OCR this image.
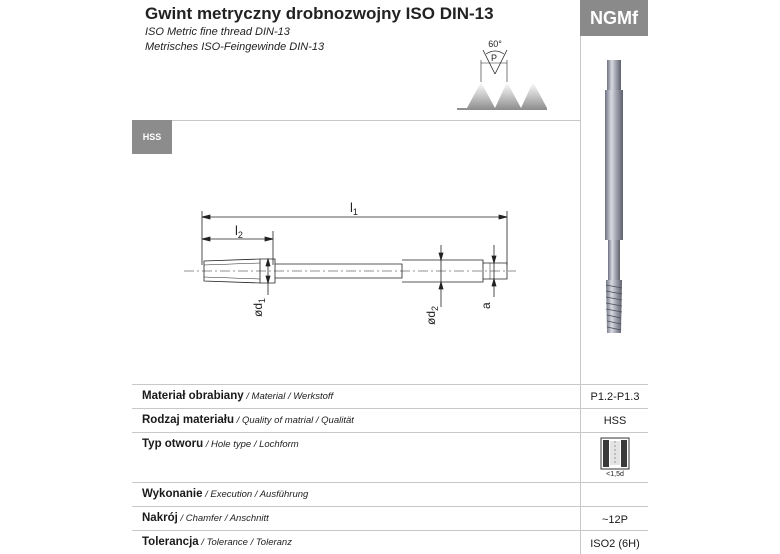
Gwint metryczny drobnozwojny ISO DIN-13
ISO Metric fine thread DIN-13
Metrisches ISO-Feingewinde DIN-13
NGMf
60°
P
HSS
$l_1$
$l_2$
$ød_1$
$ød_2$	a
Materiał obrabiany / Material / Werkstoff	P1.2-P1.3
Rodzaj materiału / Quality of matrial / Qualität	HSS
Typ otworu / Hole type / Lochform
<1,5d
Wykonanie / Execution / Ausführung
Nakrój / Chamfer / Anschnitt	~12P
Tolerancja / Tolerance / Toleranz	ISO2 (6H)
